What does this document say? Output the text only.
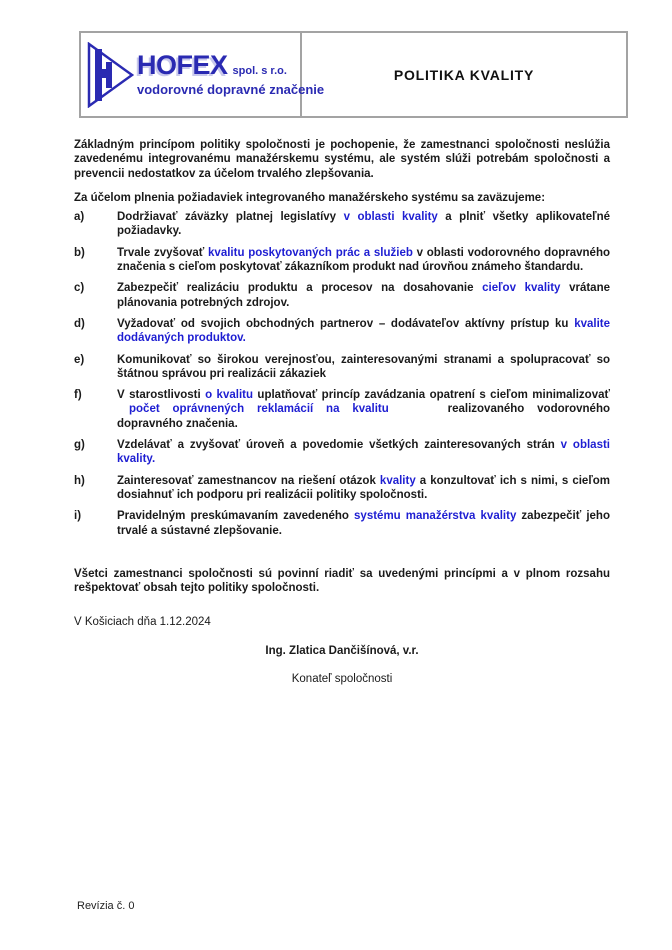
HOFEX spol. s r.o.
vodorovné dopravné značenie
POLITIKA KVALITY

Základným princípom politiky spoločnosti je pochopenie, že zamestnanci spoločnosti neslúžia zavedenému integrovanému manažérskemu systému, ale systém slúži potrebám spoločnosti a prevencii nedostatkov za účelom trvalého zlepšovania.

Za účelom plnenia požiadaviek integrovaného manažérskeho systému sa zaväzujeme:

a)	Dodržiavať záväzky platnej legislatívy v oblasti kvality a plniť všetky aplikovateľné požiadavky.
b)	Trvale zvyšovať kvalitu poskytovaných prác a služieb v oblasti vodorovného dopravného značenia s cieľom poskytovať zákazníkom produkt nad úrovňou známeho štandardu.
c)	Zabezpečiť realizáciu produktu a procesov na dosahovanie cieľov kvality vrátane plánovania potrebných zdrojov.
d)	Vyžadovať od svojich obchodných partnerov – dodávateľov aktívny prístup ku kvalite dodávaných produktov.
e)	Komunikovať so širokou verejnosťou, zainteresovanými stranami a spolupracovať so štátnou správou pri realizácii zákaziek
f)	V starostlivosti o kvalitu uplatňovať princíp zavádzania opatrení s cieľom minimalizovať počet oprávnených reklamácií na kvalitu	realizovaného vodorovného dopravného značenia.
g)	Vzdelávať a zvyšovať úroveň a povedomie všetkých zainteresovaných strán v oblasti kvality.
h)	Zainteresovať zamestnancov na riešení otázok kvality a konzultovať ich s nimi, s cieľom dosiahnuť ich podporu pri realizácii politiky spoločnosti.
i)	Pravidelným preskúmavaním zavedeného systému manažérstva kvality zabezpečiť jeho trvalé a sústavné zlepšovanie.

Všetci zamestnanci spoločnosti sú povinní riadiť sa uvedenými princípmi a v plnom rozsahu rešpektovať obsah tejto politiky spoločnosti.

V Košiciach dňa 1.12.2024

Ing. Zlatica Dančišínová, v.r.

Konateľ spoločnosti

Revízia č. 0
